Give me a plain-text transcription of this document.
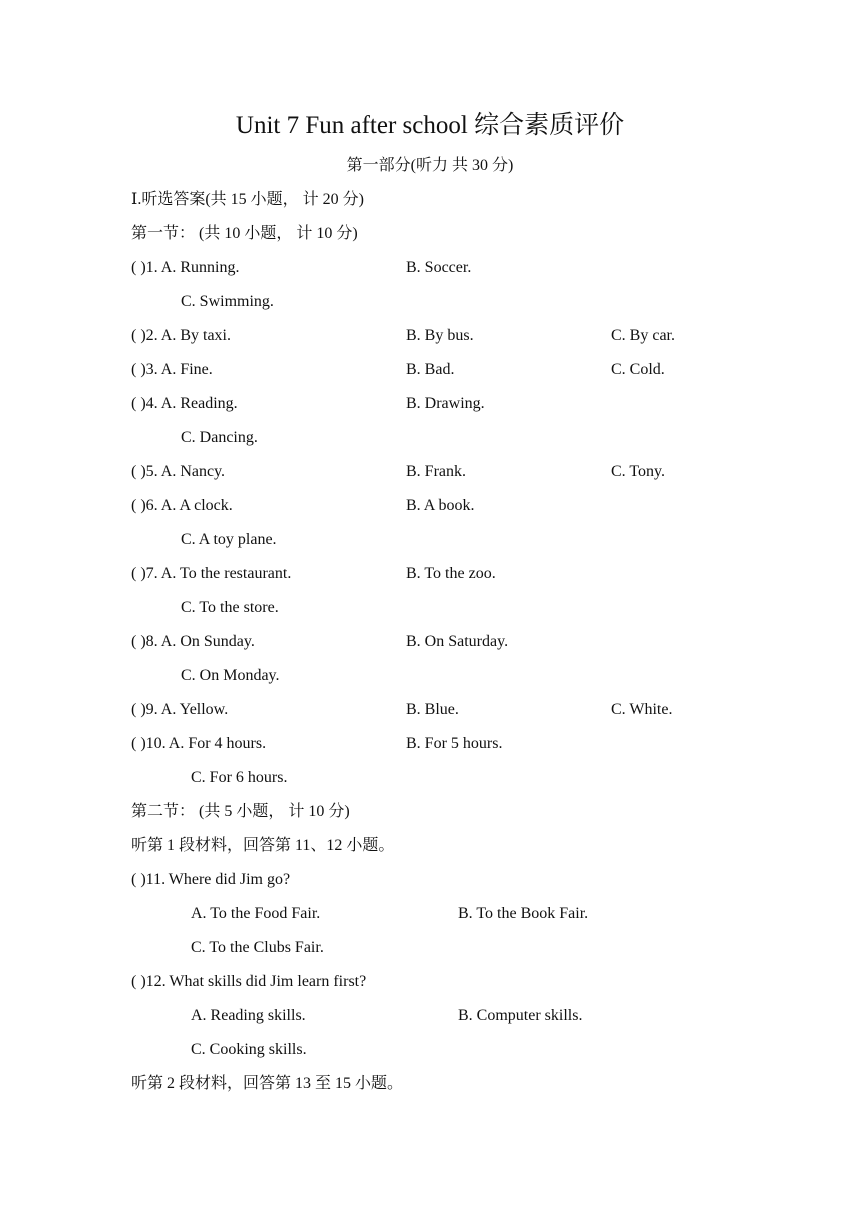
Unit 7 Fun after school 综合素质评价
第一部分(听力 共 30 分)
Ⅰ.听选答案(共 15 小题， 计 20 分)
第一节： (共 10 小题， 计 10 分)
( )1. A. Running.	B. Soccer.
C. Swimming.
( )2. A. By taxi.	B. By bus.	C. By car.
( )3. A. Fine.	B. Bad.	C. Cold.
( )4. A. Reading.	B. Drawing.
C. Dancing.
( )5. A. Nancy.	B. Frank.	C. Tony.
( )6. A. A clock.	B. A book.
C. A toy plane.
( )7. A. To the restaurant.	B. To the zoo.
C. To the store.
( )8. A. On Sunday.	B. On Saturday.
C. On Monday.
( )9. A. Yellow.	B. Blue.	C. White.
( )10. A. For 4 hours.	B. For 5 hours.
C. For 6 hours.
第二节： (共 5 小题， 计 10 分)
听第 1 段材料，回答第 11、12 小题。
( )11. Where did Jim go?
A. To the Food Fair.	B. To the Book Fair.
C. To the Clubs Fair.
( )12. What skills did Jim learn first?
A. Reading skills.	B. Computer skills.
C. Cooking skills.
听第 2 段材料，回答第 13 至 15 小题。
